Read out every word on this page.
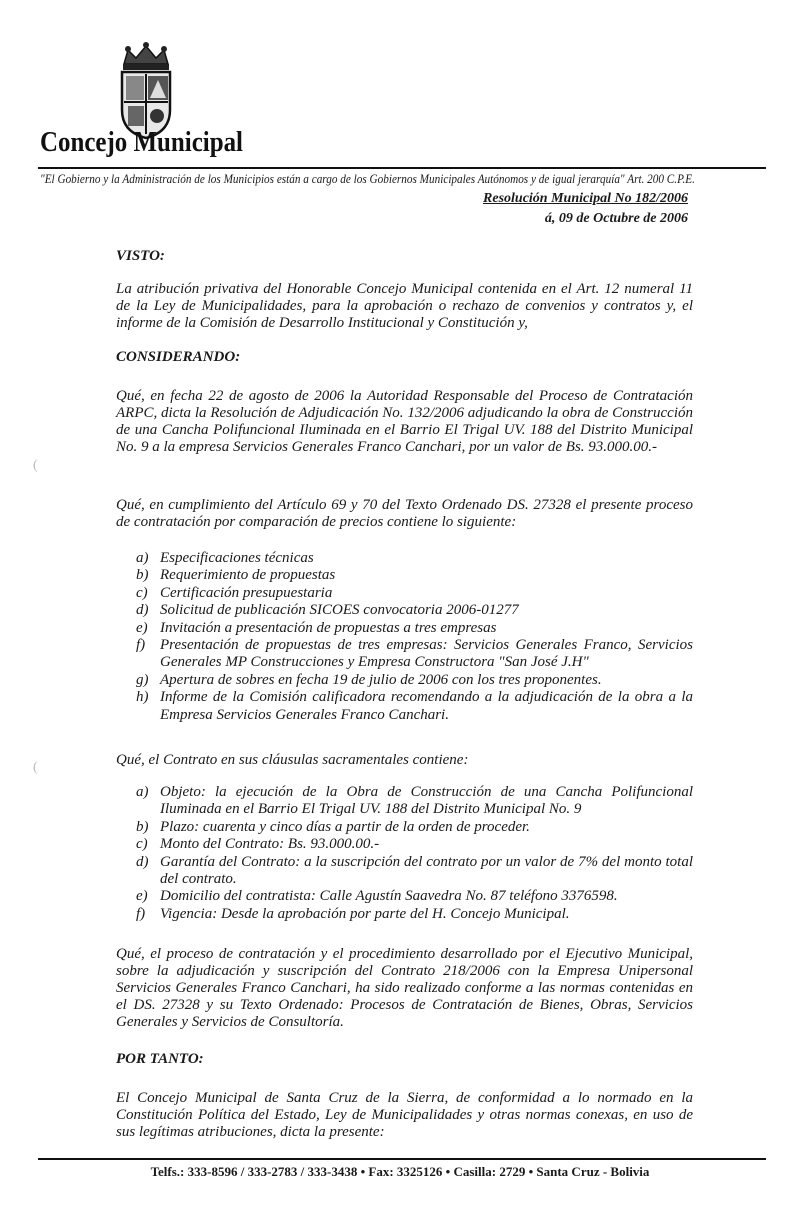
Concejo Municipal
"El Gobierno y la Administración de los Municipios están a cargo de los Gobiernos Municipales Autónomos y de igual jerarquía" Art. 200 C.P.E.
Resolución Municipal No 182/2006
á, 09 de Octubre de 2006
VISTO:
La atribución privativa del Honorable Concejo Municipal contenida en el Art. 12 numeral 11 de la Ley de Municipalidades, para la aprobación o rechazo de convenios y contratos y, el informe de la Comisión de Desarrollo Institucional y Constitución y,
CONSIDERANDO:
Qué, en fecha 22 de agosto de 2006 la Autoridad Responsable del Proceso de Contratación ARPC, dicta la Resolución de Adjudicación No. 132/2006 adjudicando la obra de Construcción de una Cancha Polifuncional Iluminada en el Barrio El Trigal UV. 188 del Distrito Municipal No. 9 a la empresa Servicios Generales Franco Canchari, por un valor de Bs. 93.000.00.-
Qué, en cumplimiento del Artículo 69 y 70 del Texto Ordenado DS. 27328 el presente proceso de contratación por comparación de precios contiene lo siguiente:
a) Especificaciones técnicas
b) Requerimiento de propuestas
c) Certificación presupuestaria
d) Solicitud de publicación SICOES convocatoria 2006-01277
e) Invitación a presentación de propuestas a tres empresas
f) Presentación de propuestas de tres empresas: Servicios Generales Franco, Servicios Generales MP Construcciones y Empresa Constructora "San José J.H"
g) Apertura de sobres en fecha 19 de julio de 2006 con los tres proponentes.
h) Informe de la Comisión calificadora recomendando a la adjudicación de la obra a la Empresa Servicios Generales Franco Canchari.
Qué, el Contrato en sus cláusulas sacramentales contiene:
a) Objeto: la ejecución de la Obra de Construcción de una Cancha Polifuncional Iluminada en el Barrio El Trigal UV. 188 del Distrito Municipal No. 9
b) Plazo: cuarenta y cinco días a partir de la orden de proceder.
c) Monto del Contrato: Bs. 93.000.00.-
d) Garantía del Contrato: a la suscripción del contrato por un valor de 7% del monto total del contrato.
e) Domicilio del contratista: Calle Agustín Saavedra No. 87 teléfono 3376598.
f) Vigencia: Desde la aprobación por parte del H. Concejo Municipal.
Qué, el proceso de contratación y el procedimiento desarrollado por el Ejecutivo Municipal, sobre la adjudicación y suscripción del Contrato 218/2006 con la Empresa Unipersonal Servicios Generales Franco Canchari, ha sido realizado conforme a las normas contenidas en el DS. 27328 y su Texto Ordenado: Procesos de Contratación de Bienes, Obras, Servicios Generales y Servicios de Consultoría.
POR TANTO:
El Concejo Municipal de Santa Cruz de la Sierra, de conformidad a lo normado en la Constitución Política del Estado, Ley de Municipalidades y otras normas conexas, en uso de sus legítimas atribuciones, dicta la presente:
(
(
Telfs.: 333-8596 / 333-2783 / 333-3438 • Fax: 3325126 • Casilla: 2729 • Santa Cruz - Bolivia
